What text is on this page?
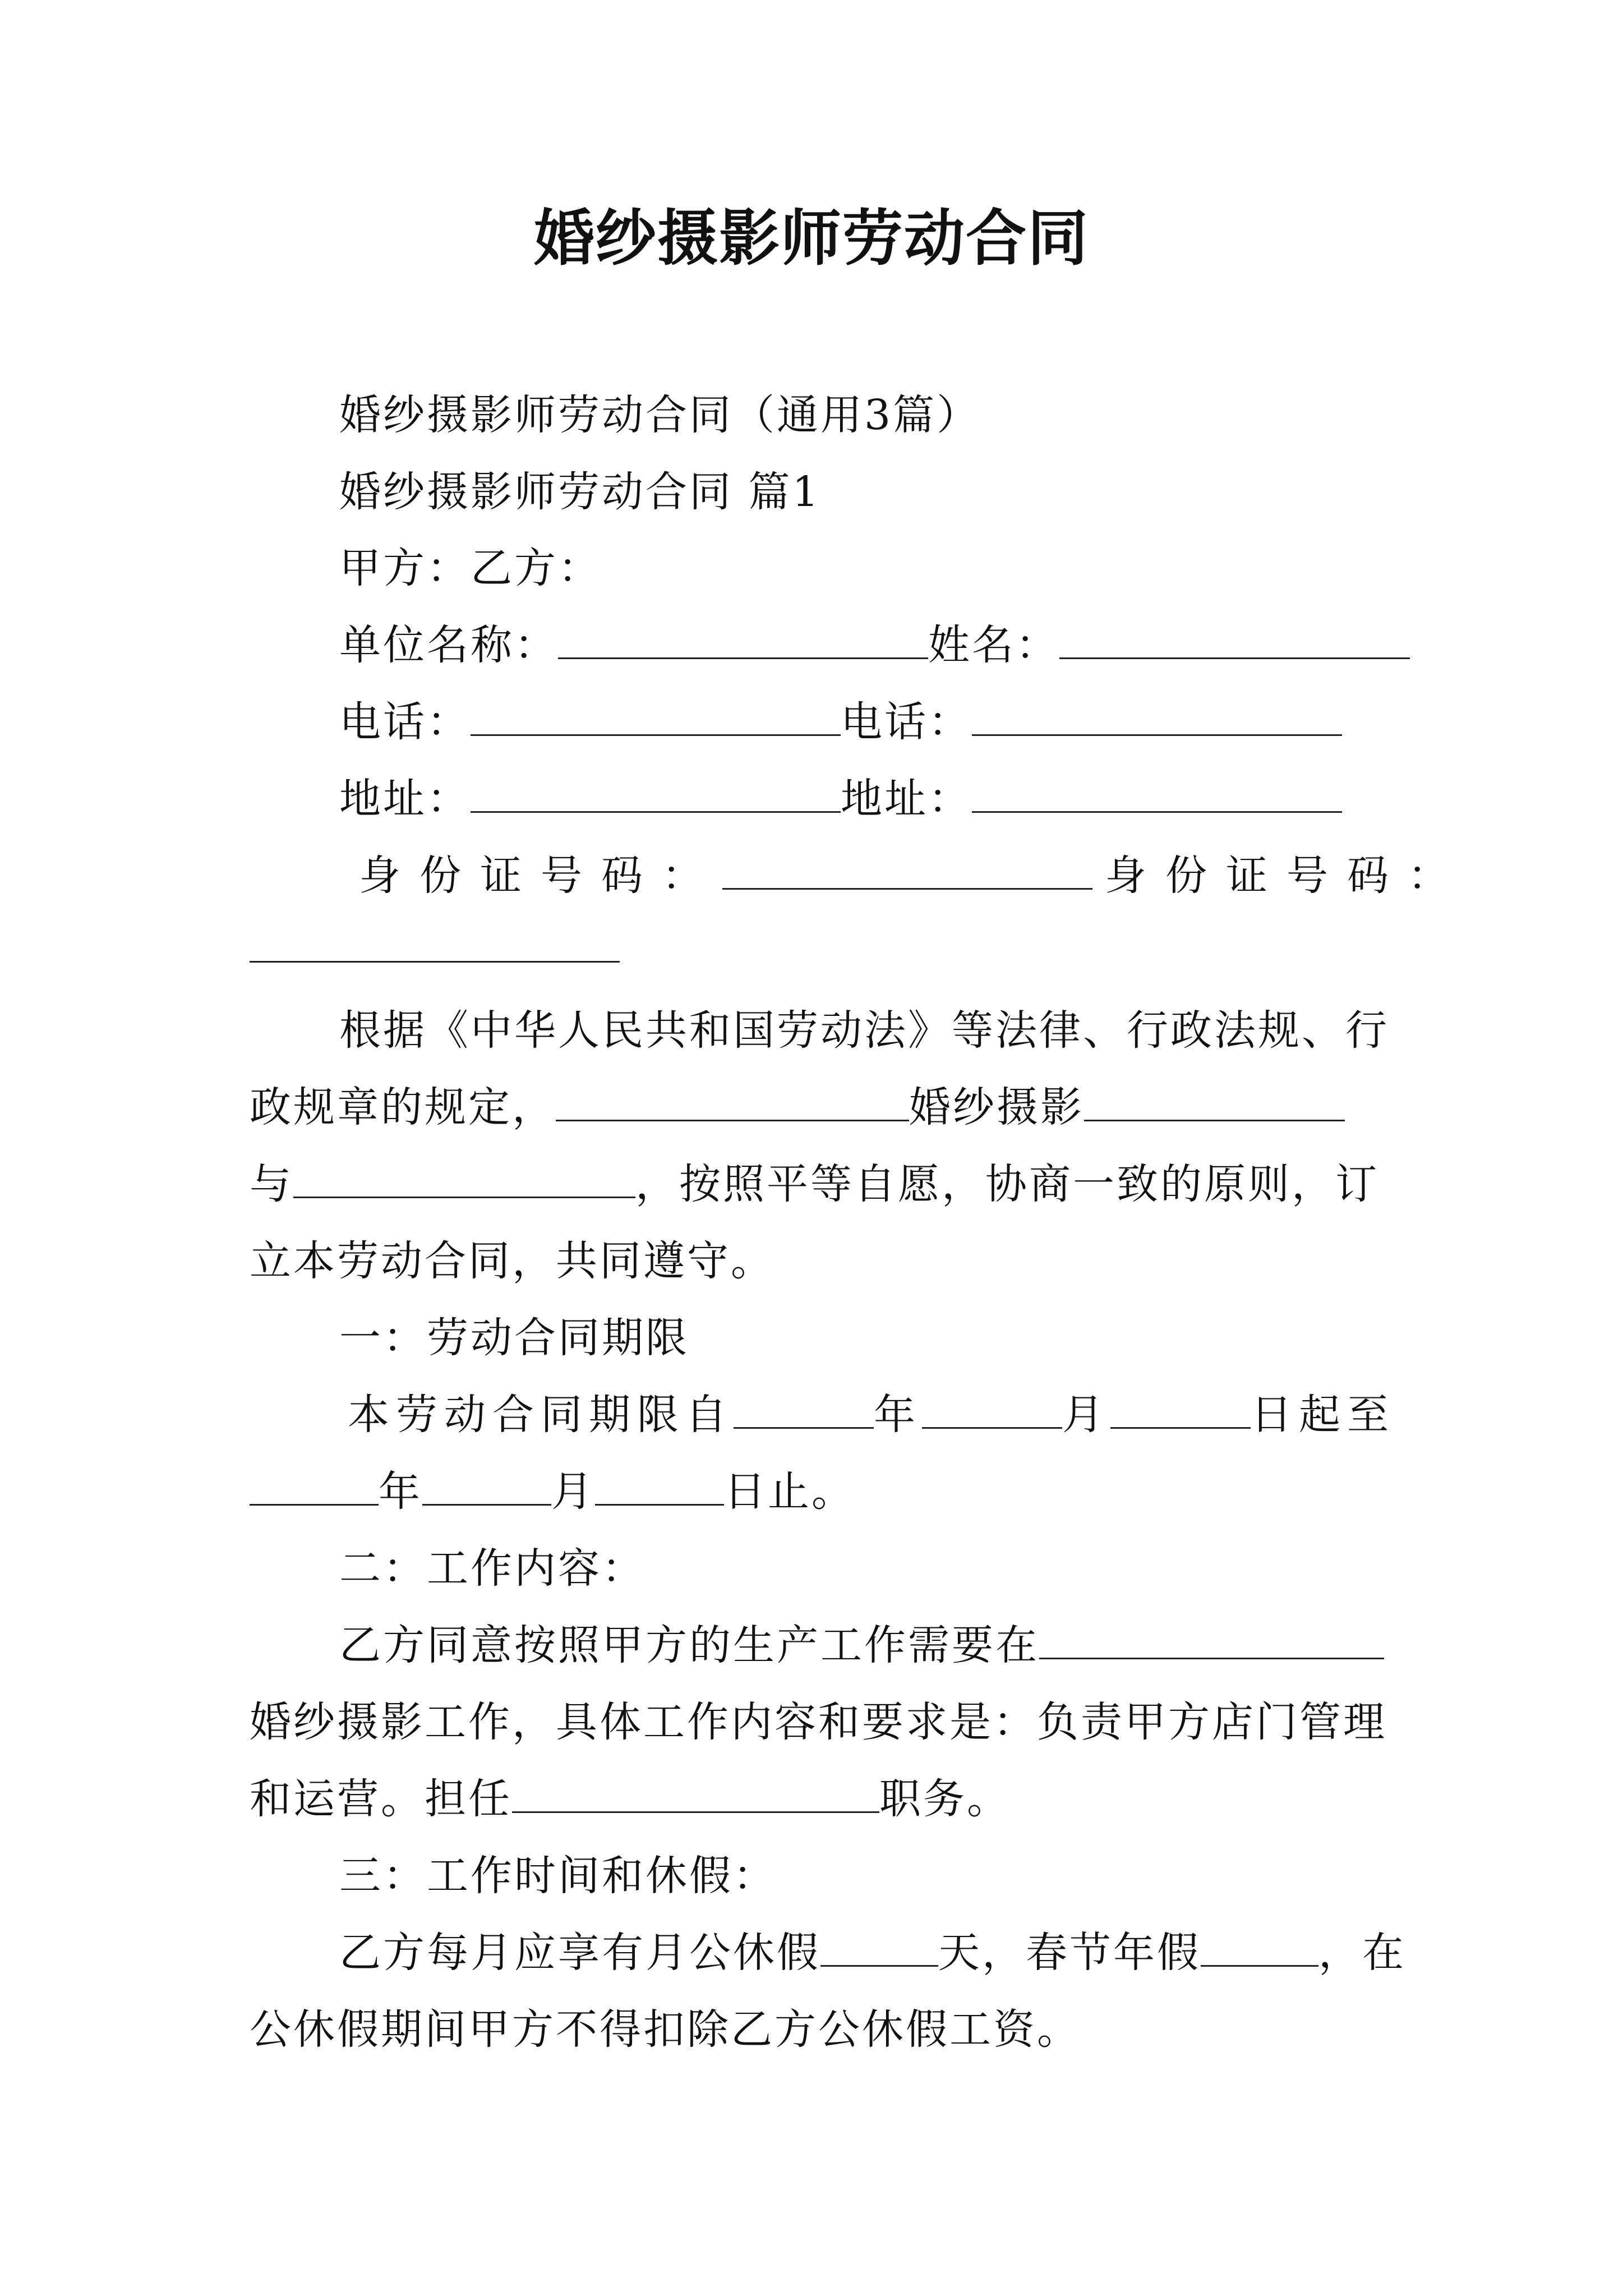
婚纱摄影师劳动合同
婚纱摄影师劳动合同（通用3篇）
婚纱摄影师劳动合同 篇1
甲方：乙方：
单位名称：	姓名：
电话：	电话：
地址：	地址：
身份证号码：	身份证号码：
根据《中华人民共和国劳动法》等法律、行政法规、行
政规章的规定，	婚纱摄影
与	，按照平等自愿，协商一致的原则，订
立本劳动合同，共同遵守。
一：劳动合同期限
本劳动合同期限自	年	月	日起至
年	月	日止。
二：工作内容：
乙方同意按照甲方的生产工作需要在
婚纱摄影工作，具体工作内容和要求是：负责甲方店门管理
和运营。担任	职务。
三：工作时间和休假：
乙方每月应享有月公休假	天，春节年假	，在
公休假期间甲方不得扣除乙方公休假工资。
